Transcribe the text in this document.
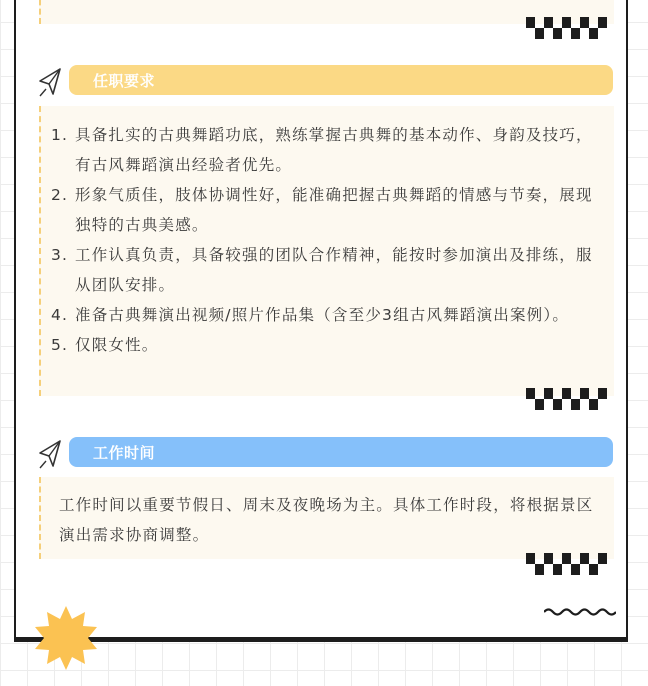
任职要求
1. 具备扎实的古典舞蹈功底，熟练掌握古典舞的基本动作、身韵及技巧，有古风舞蹈演出经验者优先。
2. 形象气质佳，肢体协调性好，能准确把握古典舞蹈的情感与节奏，展现独特的古典美感。
3. 工作认真负责，具备较强的团队合作精神，能按时参加演出及排练，服从团队安排。
4. 准备古典舞演出视频/照片作品集（含至少3组古风舞蹈演出案例）。
5. 仅限女性。
工作时间
工作时间以重要节假日、周末及夜晚场为主。具体工作时段，将根据景区演出需求协商调整。
